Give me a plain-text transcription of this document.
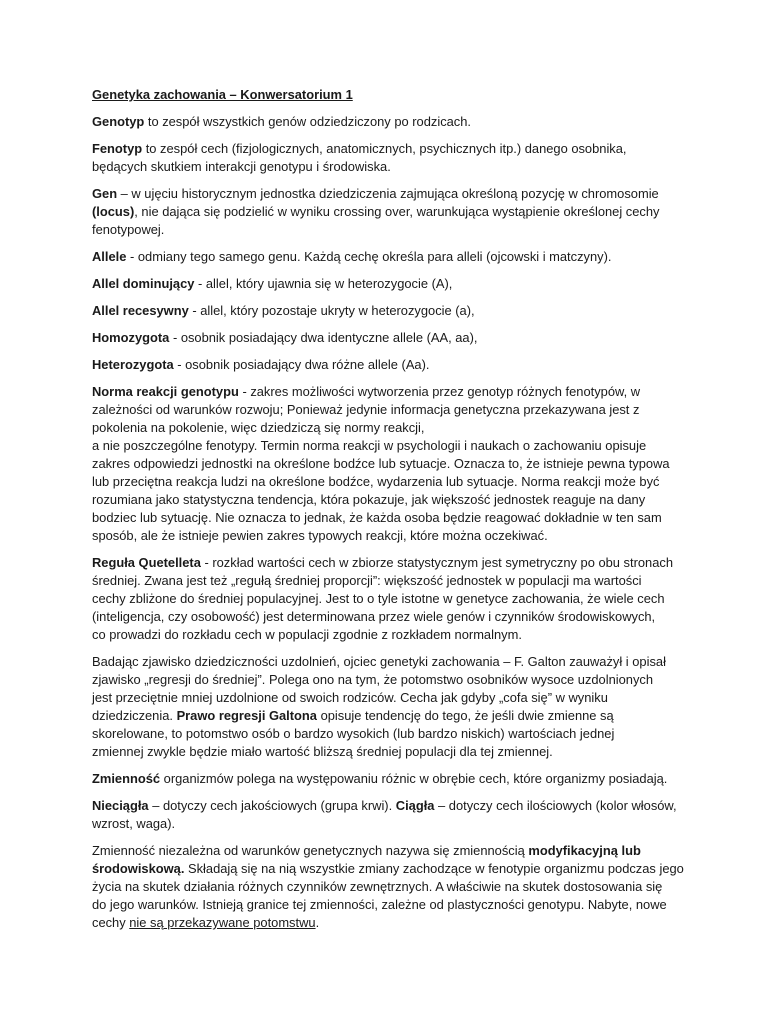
Genetyka zachowania – Konwersatorium 1
Genotyp to zespół wszystkich genów odziedziczony po rodzicach.
Fenotyp to zespół cech (fizjologicznych, anatomicznych, psychicznych itp.) danego osobnika,
będących skutkiem interakcji genotypu i środowiska.
Gen – w ujęciu historycznym jednostka dziedziczenia zajmująca określoną pozycję w chromosomie
(locus), nie dająca się podzielić w wyniku crossing over, warunkująca wystąpienie określonej cechy
fenotypowej.
Allele - odmiany tego samego genu. Każdą cechę określa para alleli (ojcowski i matczyny).
Allel dominujący - allel, który ujawnia się w heterozygocie (A),
Allel recesywny - allel, który pozostaje ukryty w heterozygocie (a),
Homozygota - osobnik posiadający dwa identyczne allele (AA, aa),
Heterozygota - osobnik posiadający dwa różne allele (Aa).
Norma reakcji genotypu - zakres możliwości wytworzenia przez genotyp różnych fenotypów, w
zależności od warunków rozwoju; Ponieważ jedynie informacja genetyczna przekazywana jest z
pokolenia na pokolenie, więc dziedziczą się normy reakcji,
a nie poszczególne fenotypy. Termin norma reakcji w psychologii i naukach o zachowaniu opisuje
zakres odpowiedzi jednostki na określone bodźce lub sytuacje. Oznacza to, że istnieje pewna typowa
lub przeciętna reakcja ludzi na określone bodźce, wydarzenia lub sytuacje. Norma reakcji może być
rozumiana jako statystyczna tendencja, która pokazuje, jak większość jednostek reaguje na dany
bodziec lub sytuację. Nie oznacza to jednak, że każda osoba będzie reagować dokładnie w ten sam
sposób, ale że istnieje pewien zakres typowych reakcji, które można oczekiwać.
Reguła Quetelleta - rozkład wartości cech w zbiorze statystycznym jest symetryczny po obu stronach
średniej. Zwana jest też „regułą średniej proporcji”: większość jednostek w populacji ma wartości
cechy zbliżone do średniej populacyjnej. Jest to o tyle istotne w genetyce zachowania, że wiele cech
(inteligencja, czy osobowość) jest determinowana przez wiele genów i czynników środowiskowych,
co prowadzi do rozkładu cech w populacji zgodnie z rozkładem normalnym.
Badając zjawisko dziedziczności uzdolnień, ojciec genetyki zachowania – F. Galton zauważył i opisał
zjawisko „regresji do średniej”. Polega ono na tym, że potomstwo osobników wysoce uzdolnionych
jest przeciętnie mniej uzdolnione od swoich rodziców. Cecha jak gdyby „cofa się” w wyniku
dziedziczenia. Prawo regresji Galtona opisuje tendencję do tego, że jeśli dwie zmienne są
skorelowane, to potomstwo osób o bardzo wysokich (lub bardzo niskich) wartościach jednej
zmiennej zwykle będzie miało wartość bliższą średniej populacji dla tej zmiennej.
Zmienność organizmów polega na występowaniu różnic w obrębie cech, które organizmy posiadają.
Nieciągła – dotyczy cech jakościowych (grupa krwi). Ciągła – dotyczy cech ilościowych (kolor włosów,
wzrost, waga).
Zmienność niezależna od warunków genetycznych nazywa się zmiennością modyfikacyjną lub
środowiskową. Składają się na nią wszystkie zmiany zachodzące w fenotypie organizmu podczas jego
życia na skutek działania różnych czynników zewnętrznych. A właściwie na skutek dostosowania się
do jego warunków. Istnieją granice tej zmienności, zależne od plastyczności genotypu. Nabyte, nowe
cechy nie są przekazywane potomstwu.
